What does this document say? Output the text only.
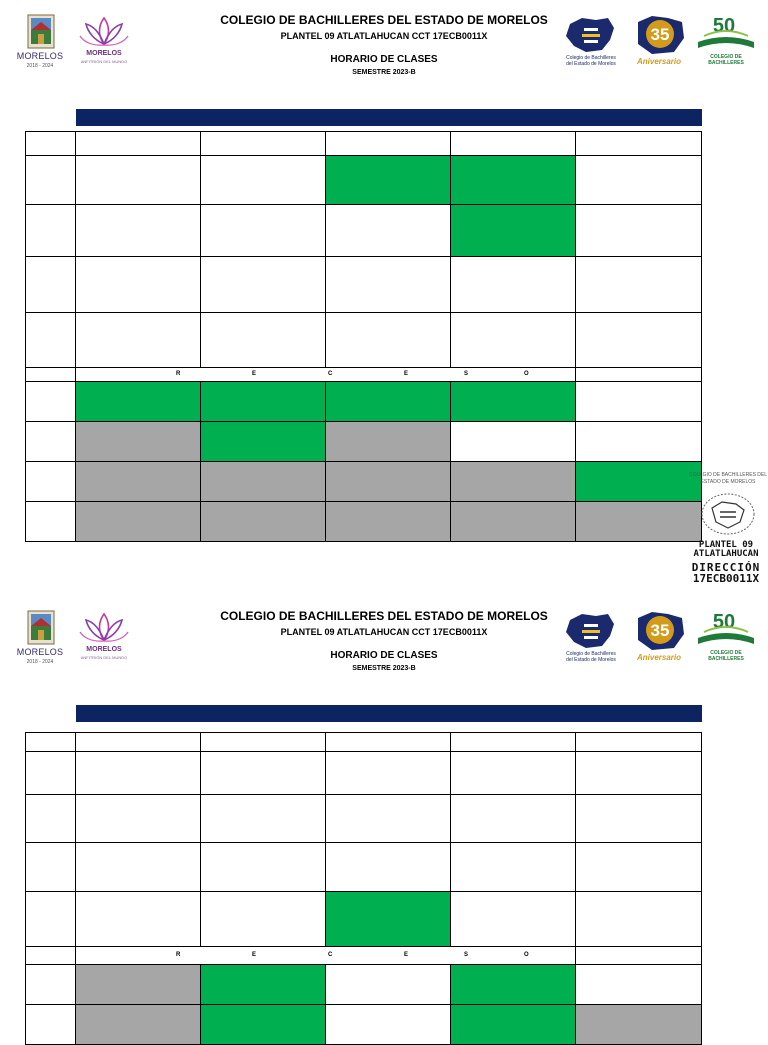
MORELOS
2018 - 2024
MORELOS
ANFITRIÓN DEL MUNDO
COLEGIO DE BACHILLERES DEL ESTADO DE MORELOS
PLANTEL 09 ATLATLAHUCAN CCT 17ECB0011X
HORARIO DE CLASES
SEMESTRE 2023-B
Colegio de Bachilleres
del Estado de Morelos
35
Aniversario
50
COLEGIO DE
BACHILLERES
R	E	C	E	S	O
COLEGIO DE BACHILLERES DEL ESTADO DE MORELOS
PLANTEL 09
ATLATLAHUCAN
DIRECCIÓN
17ECB0011X
MORELOS
2018 - 2024
MORELOS
ANFITRIÓN DEL MUNDO
COLEGIO DE BACHILLERES DEL ESTADO DE MORELOS
PLANTEL 09 ATLATLAHUCAN CCT 17ECB0011X
HORARIO DE CLASES
SEMESTRE 2023-B
Colegio de Bachilleres
del Estado de Morelos
35
Aniversario
50
COLEGIO DE
BACHILLERES
R	E	C	E	S	O
